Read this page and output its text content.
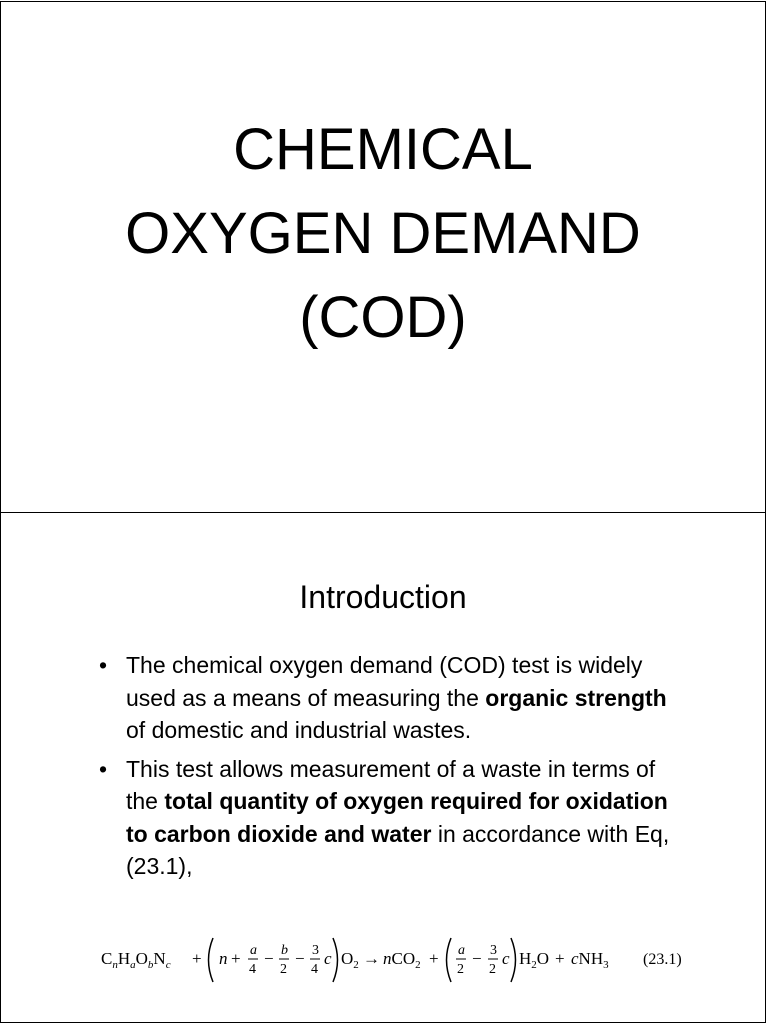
CHEMICAL
OXYGEN DEMAND
(COD)
Introduction
• The chemical oxygen demand (COD) test is widely used as a means of measuring the organic strength of domestic and industrial wastes.
• This test allows measurement of a waste in terms of the total quantity of oxygen required for oxidation to carbon dioxide and water in accordance with Eq, (23.1),
$C_nH_aO_bN_c + n + a$
4
− b
2
− 3
4
c $O_2 \to nCO_2 + a$
2
− 3
2
c $H_2O + cNH_3$ (23.1)
